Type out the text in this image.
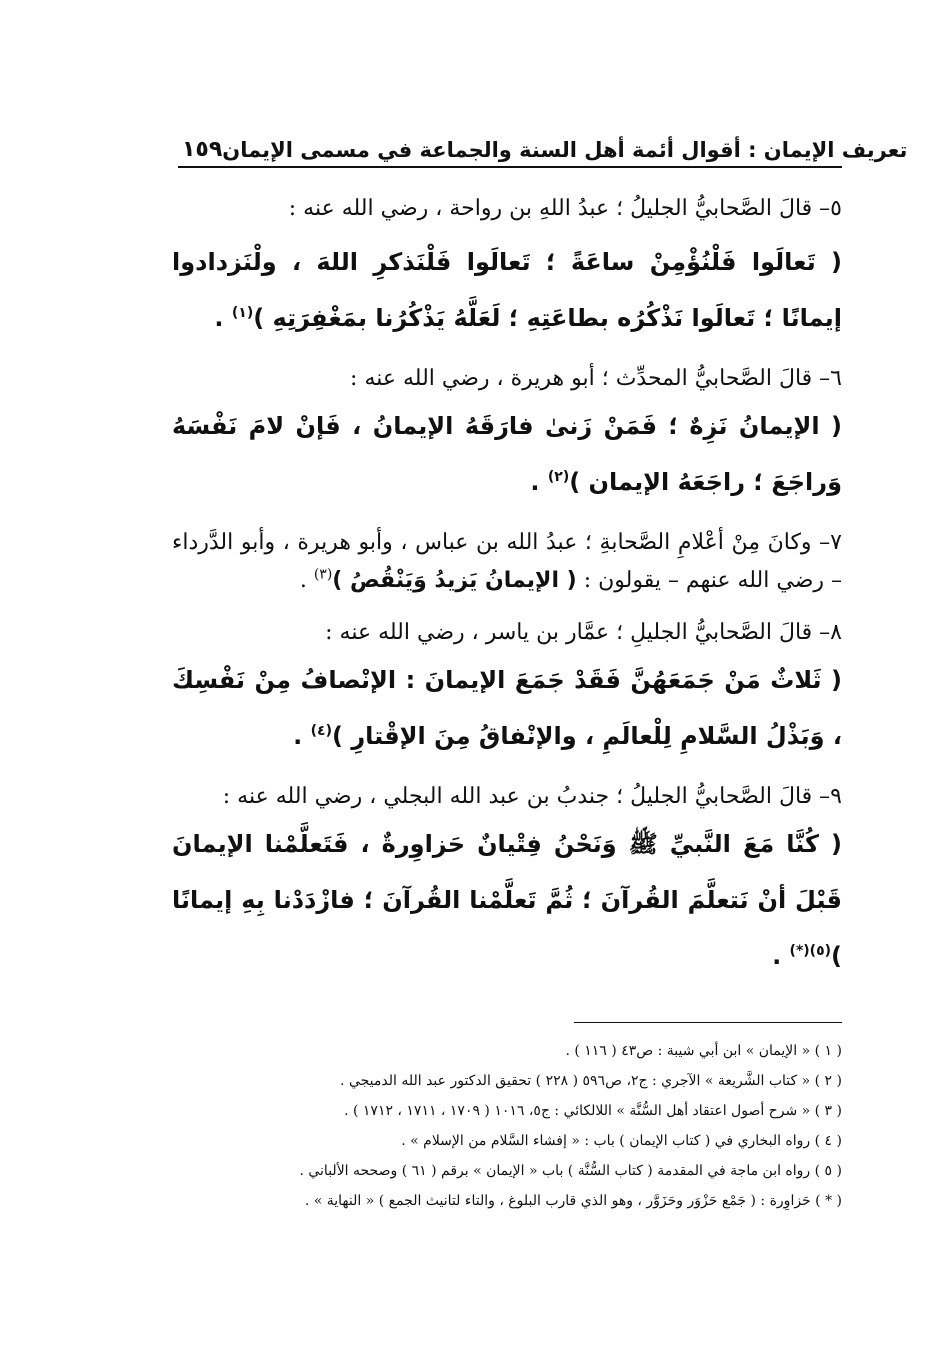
١٥٩ تعريف الإيمان : أقوال أئمة أهل السنة والجماعة في مسمى الإيمان

٥– قالَ الصَّحابيُّ الجليلُ ؛ عبدُ اللهِ بن رواحة ، رضي الله عنه :

( تَعالَوا فَلْنُؤْمِنْ ساعَةً ؛ تَعالَوا فَلْنَذكرِ اللهَ ، ولْنَزدادوا إيمانًا ؛ تَعالَوا نَذْكُرُه بطاعَتِهِ ؛ لَعَلَّهُ يَذْكُرُنا بمَغْفِرَتِهِ )$^{(١)}$ .

٦– قالَ الصَّحابيُّ المحدِّث ؛ أبو هريرة ، رضي الله عنه :

( الإيمانُ نَزِهٌ ؛ فَمَنْ زَنىٰ فارَقَهُ الإيمانُ ، فَإنْ لامَ نَفْسَهُ وَراجَعَ ؛ راجَعَهُ الإيمان )$^{(٢)}$ .

٧– وكانَ مِنْ أعْلامِ الصَّحابةِ ؛ عبدُ الله بن عباس ، وأبو هريرة ، وأبو الدَّرداء – رضي الله عنهم – يقولون : ( الإيمانُ يَزيدُ وَيَنْقُصُ )$^{(٣)}$ .

٨– قالَ الصَّحابيُّ الجليلِ ؛ عمَّار بن ياسر ، رضي الله عنه :

( ثَلاثٌ مَنْ جَمَعَهُنَّ فَقَدْ جَمَعَ الإيمانَ : الإنْصافُ مِنْ نَفْسِكَ ، وَبَذْلُ السَّلامِ لِلْعالَمِ ، والإنْفاقُ مِنَ الإقْتارِ )$^{(٤)}$ .

٩– قالَ الصَّحابيُّ الجليلُ ؛ جندبُ بن عبد الله البجلي ، رضي الله عنه :

( كُنَّا مَعَ النَّبيِّ ﷺ وَنَحْنُ فِتْيانٌ حَزاوِرةٌ ، فَتَعلَّمْنا الإيمانَ قَبْلَ أنْ نَتعلَّمَ القُرآنَ ؛ ثُمَّ تَعلَّمْنا القُرآنَ ؛ فازْدَدْنا بِهِ إيمانًا )$^{(٥)(*)}$ .

( ١ ) « الإيمان » ابن أبي شيبة : ص٤٣ ( ١١٦ ) .
( ٢ ) « كتاب الشَّريعة » الآجري : ج٢، ص٥٩٦ ( ٢٢٨ ) تحقيق الدكتور عبد الله الدميجي .
( ٣ ) « شرح أصول اعتقاد أهل السُّنَّة » اللالكائي : ج٥، ١٠١٦ ( ١٧٠٩ ، ١٧١١ ، ١٧١٢ ) .
( ٤ ) رواه البخاري في ( كتاب الإيمان ) باب : « إفشاء السَّلام من الإسلام » .
( ٥ ) رواه ابن ماجة في المقدمة ( كتاب السُّنَّة ) باب « الإيمان » برقم ( ٦١ ) وصححه الألباني .
( * ) حَزاوِرة : ( جَمْع حَزْوَر وحَزَوَّر ، وهو الذي قارب البلوغ ، والتاء لتانيث الجمع ) « النهاية » .
